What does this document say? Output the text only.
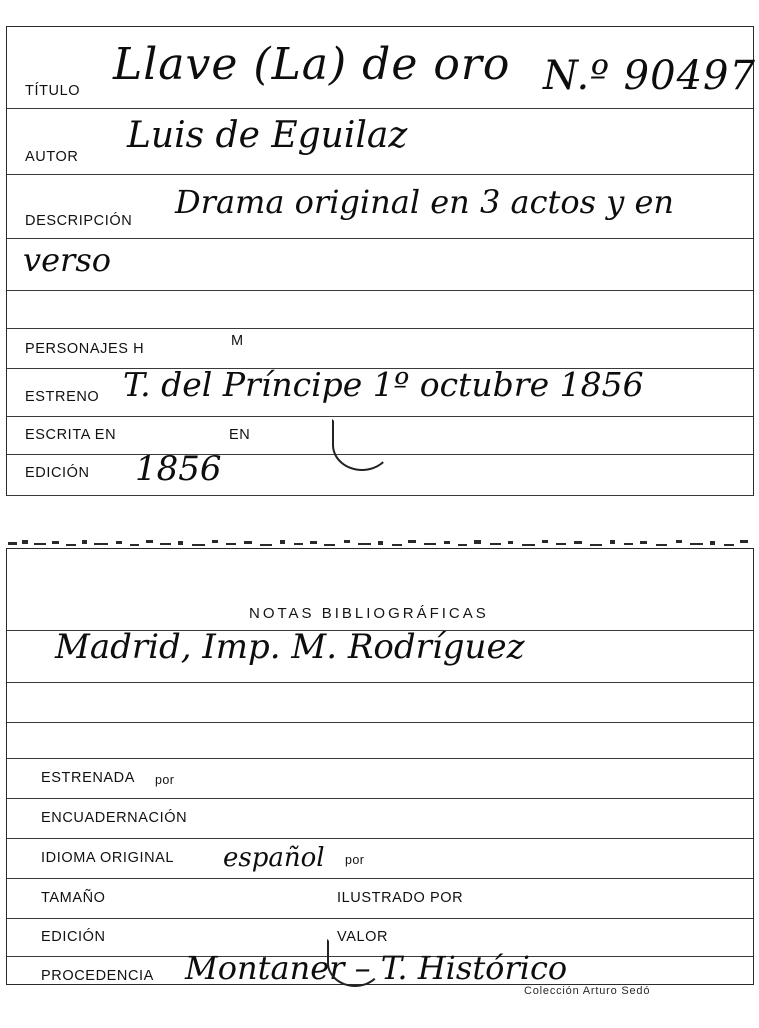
TÍTULO
Llave (La) de oro N.º 90497
AUTOR
Luis de Eguilaz
DESCRIPCIÓN Drama original en 3 actos y en
verso
PERSONAJES H	M
ESTRENO T. del Príncipe 1º octubre 1856
ESCRITA EN	EN
EDICIÓN 1856
NOTAS BIBLIOGRÁFICAS
Madrid, Imp. M. Rodríguez
ESTRENADA por
ENCUADERNACIÓN
IDIOMA ORIGINAL español por
TAMAÑO	ILUSTRADO POR
EDICIÓN	VALOR
PROCEDENCIA Montaner – T. Histórico
Colección Arturo Sedó
